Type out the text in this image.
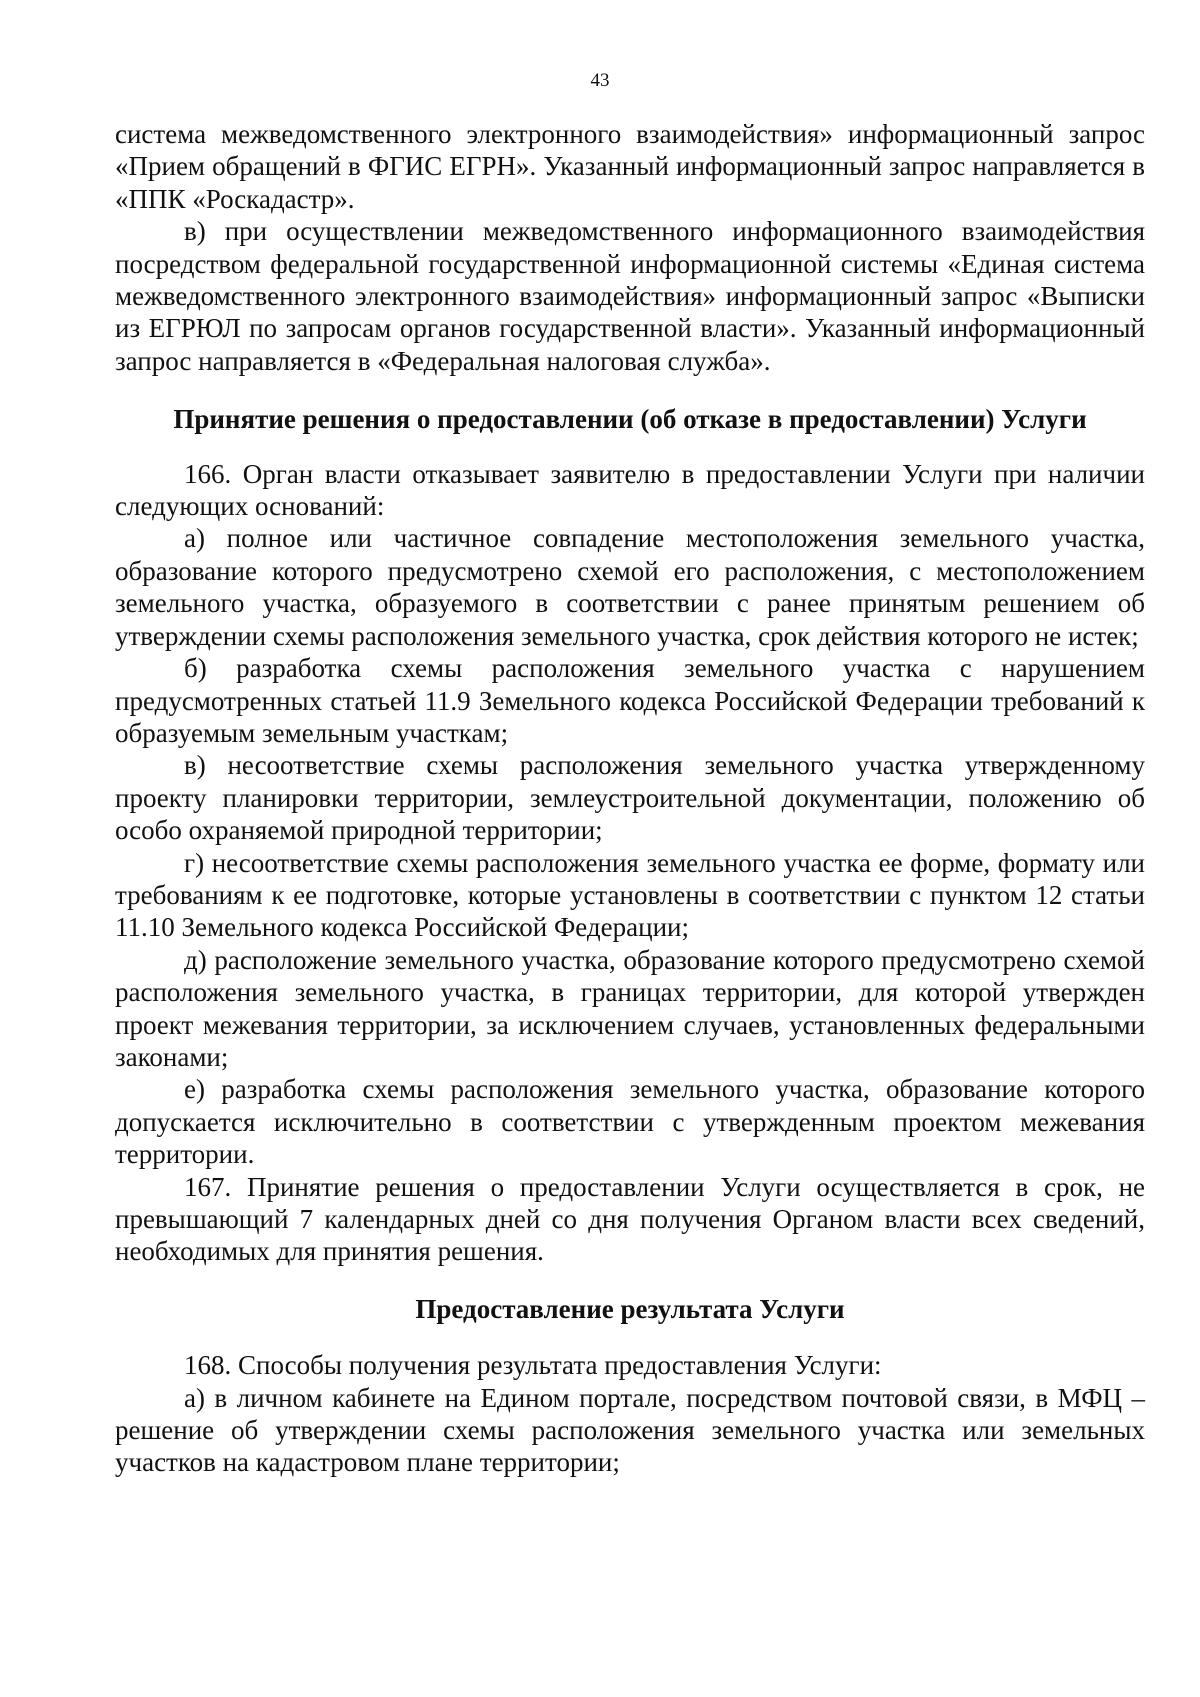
43

система межведомственного электронного взаимодействия» информационный запрос «Прием обращений в ФГИС ЕГРН». Указанный информационный запрос направляется в «ППК «Роскадастр».

в) при осуществлении межведомственного информационного взаимодействия посредством федеральной государственной информационной системы «Единая система межведомственного электронного взаимодействия» информационный запрос «Выписки из ЕГРЮЛ по запросам органов государственной власти». Указанный информационный запрос направляется в «Федеральная налоговая служба».

Принятие решения о предоставлении (об отказе в предоставлении) Услуги

166. Орган власти отказывает заявителю в предоставлении Услуги при наличии следующих оснований:

а) полное или частичное совпадение местоположения земельного участка, образование которого предусмотрено схемой его расположения, с местоположением земельного участка, образуемого в соответствии с ранее принятым решением об утверждении схемы расположения земельного участка, срок действия которого не истек;

б) разработка схемы расположения земельного участка с нарушением предусмотренных статьей 11.9 Земельного кодекса Российской Федерации требований к образуемым земельным участкам;

в) несоответствие схемы расположения земельного участка утвержденному проекту планировки территории, землеустроительной документации, положению об особо охраняемой природной территории;

г) несоответствие схемы расположения земельного участка ее форме, формату или требованиям к ее подготовке, которые установлены в соответствии с пунктом 12 статьи 11.10 Земельного кодекса Российской Федерации;

д) расположение земельного участка, образование которого предусмотрено схемой расположения земельного участка, в границах территории, для которой утвержден проект межевания территории, за исключением случаев, установленных федеральными законами;

е) разработка схемы расположения земельного участка, образование которого допускается исключительно в соответствии с утвержденным проектом межевания территории.

167. Принятие решения о предоставлении Услуги осуществляется в срок, не превышающий 7 календарных дней со дня получения Органом власти всех сведений, необходимых для принятия решения.

Предоставление результата Услуги

168. Способы получения результата предоставления Услуги:

а) в личном кабинете на Едином портале, посредством почтовой связи, в МФЦ – решение об утверждении схемы расположения земельного участка или земельных участков на кадастровом плане территории;
